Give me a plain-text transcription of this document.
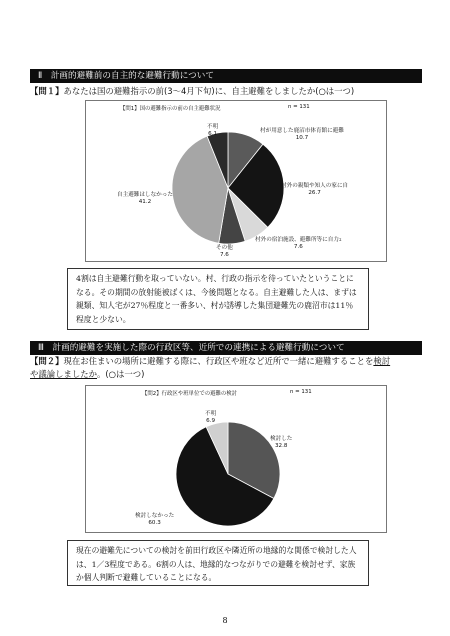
Ⅱ　計画的避難前の自主的な避難行動について
【問１】あなたは国の避難指示の前(3～4月下旬)に、自主避難をしましたか(○は一つ)
【問1】国の避難指示の前の自主避難状況	n = 131
不明
6.1	村が用意した鹿沼市体育館に避難
10.7
村外の親類や知人の家に自
26.7
村外の宿泊施設、避難所等に自力ｪ
7.6
その他
7.6
自主避難はしなかった
41.2
4割は自主避難行動を取っていない。村、行政の指示を待っていたということになる。その期間の放射能被ばくは、今後問題となる。自主避難した人は、まずは親類、知人宅が27％程度と一番多い、村が誘導した集団避難先の鹿沼市は11％程度と少ない。
Ⅲ　計画的避難を実施した際の行政区等、近所での連携による避難行動について
【問２】現在お住まいの場所に避難する際に、行政区や班など近所で一緒に避難することを検討
や議論しましたか。(○は一つ)
【問2】行政区や班単位での避難の検討	n = 131
不明
6.9
検討した
32.8
検討しなかった
60.3
現在の避難先についての検討を前田行政区や隣近所の地縁的な関係で検討した人は、1／3程度である。6割の人は、地縁的なつながりでの避難を検討せず、家族か個人判断で避難していることになる。
8
